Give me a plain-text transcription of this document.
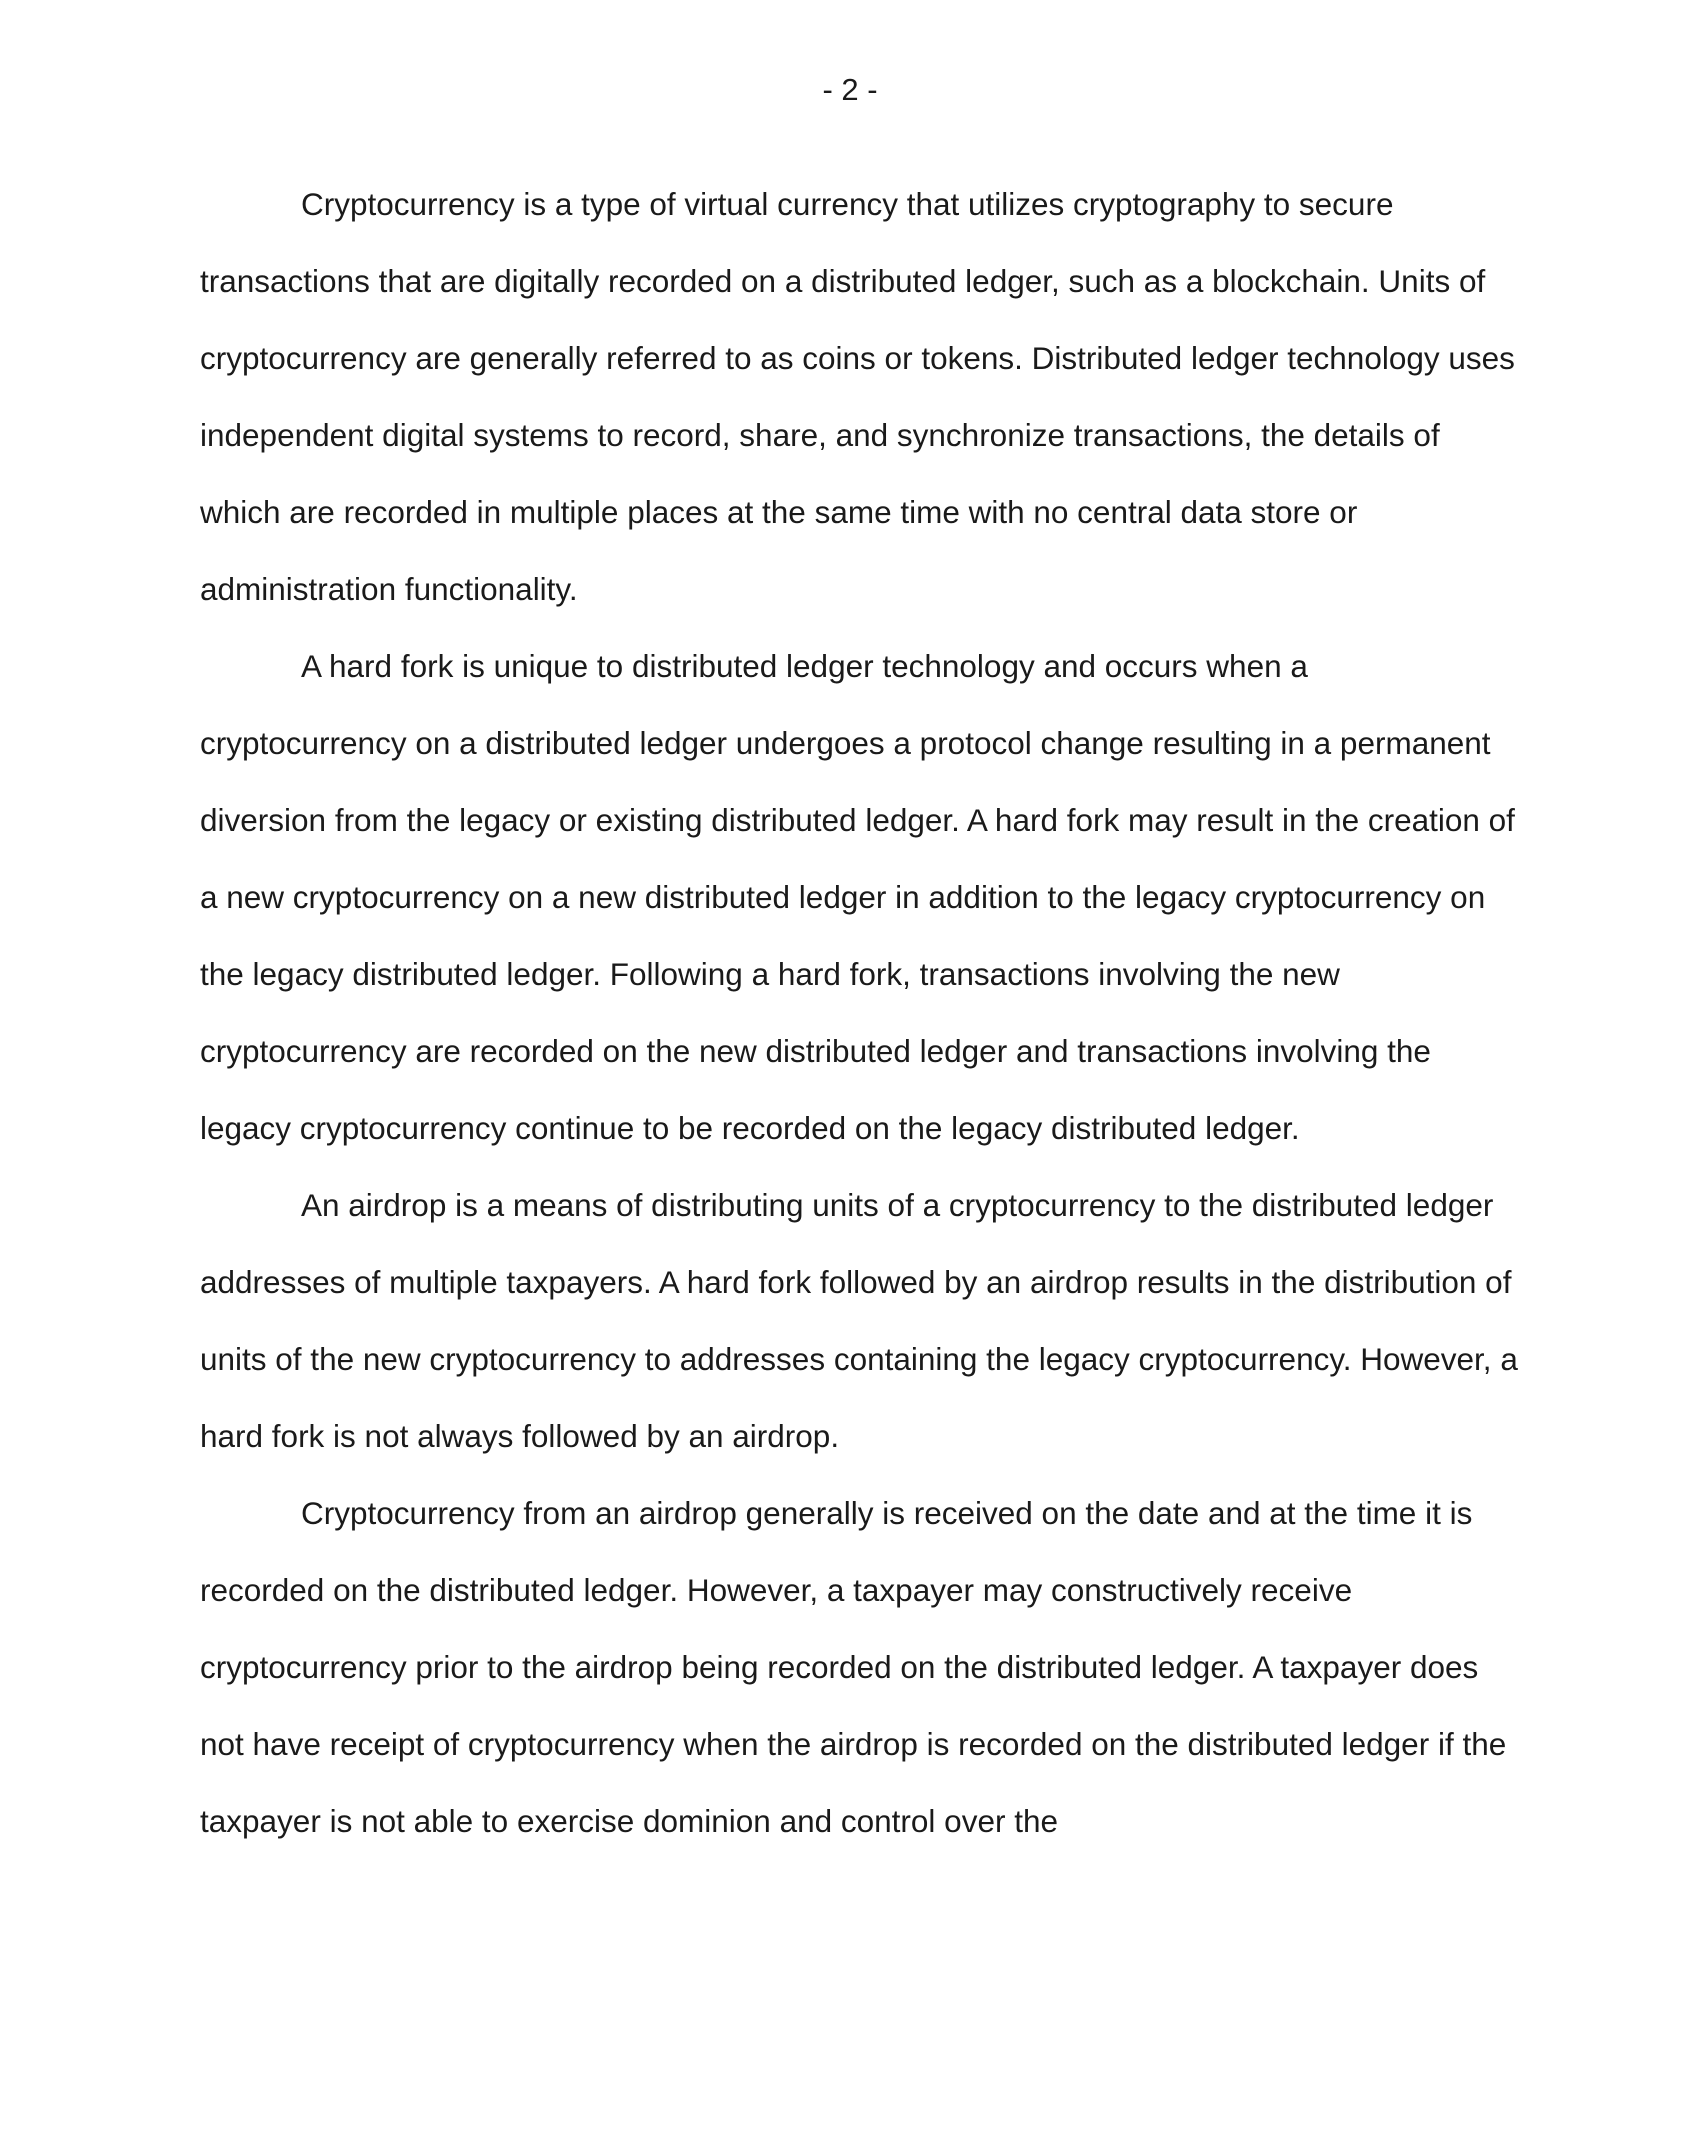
- 2 -

Cryptocurrency is a type of virtual currency that utilizes cryptography to secure transactions that are digitally recorded on a distributed ledger, such as a blockchain. Units of cryptocurrency are generally referred to as coins or tokens. Distributed ledger technology uses independent digital systems to record, share, and synchronize transactions, the details of which are recorded in multiple places at the same time with no central data store or administration functionality.

A hard fork is unique to distributed ledger technology and occurs when a cryptocurrency on a distributed ledger undergoes a protocol change resulting in a permanent diversion from the legacy or existing distributed ledger. A hard fork may result in the creation of a new cryptocurrency on a new distributed ledger in addition to the legacy cryptocurrency on the legacy distributed ledger. Following a hard fork, transactions involving the new cryptocurrency are recorded on the new distributed ledger and transactions involving the legacy cryptocurrency continue to be recorded on the legacy distributed ledger.

An airdrop is a means of distributing units of a cryptocurrency to the distributed ledger addresses of multiple taxpayers. A hard fork followed by an airdrop results in the distribution of units of the new cryptocurrency to addresses containing the legacy cryptocurrency. However, a hard fork is not always followed by an airdrop.

Cryptocurrency from an airdrop generally is received on the date and at the time it is recorded on the distributed ledger. However, a taxpayer may constructively receive cryptocurrency prior to the airdrop being recorded on the distributed ledger. A taxpayer does not have receipt of cryptocurrency when the airdrop is recorded on the distributed ledger if the taxpayer is not able to exercise dominion and control over the
